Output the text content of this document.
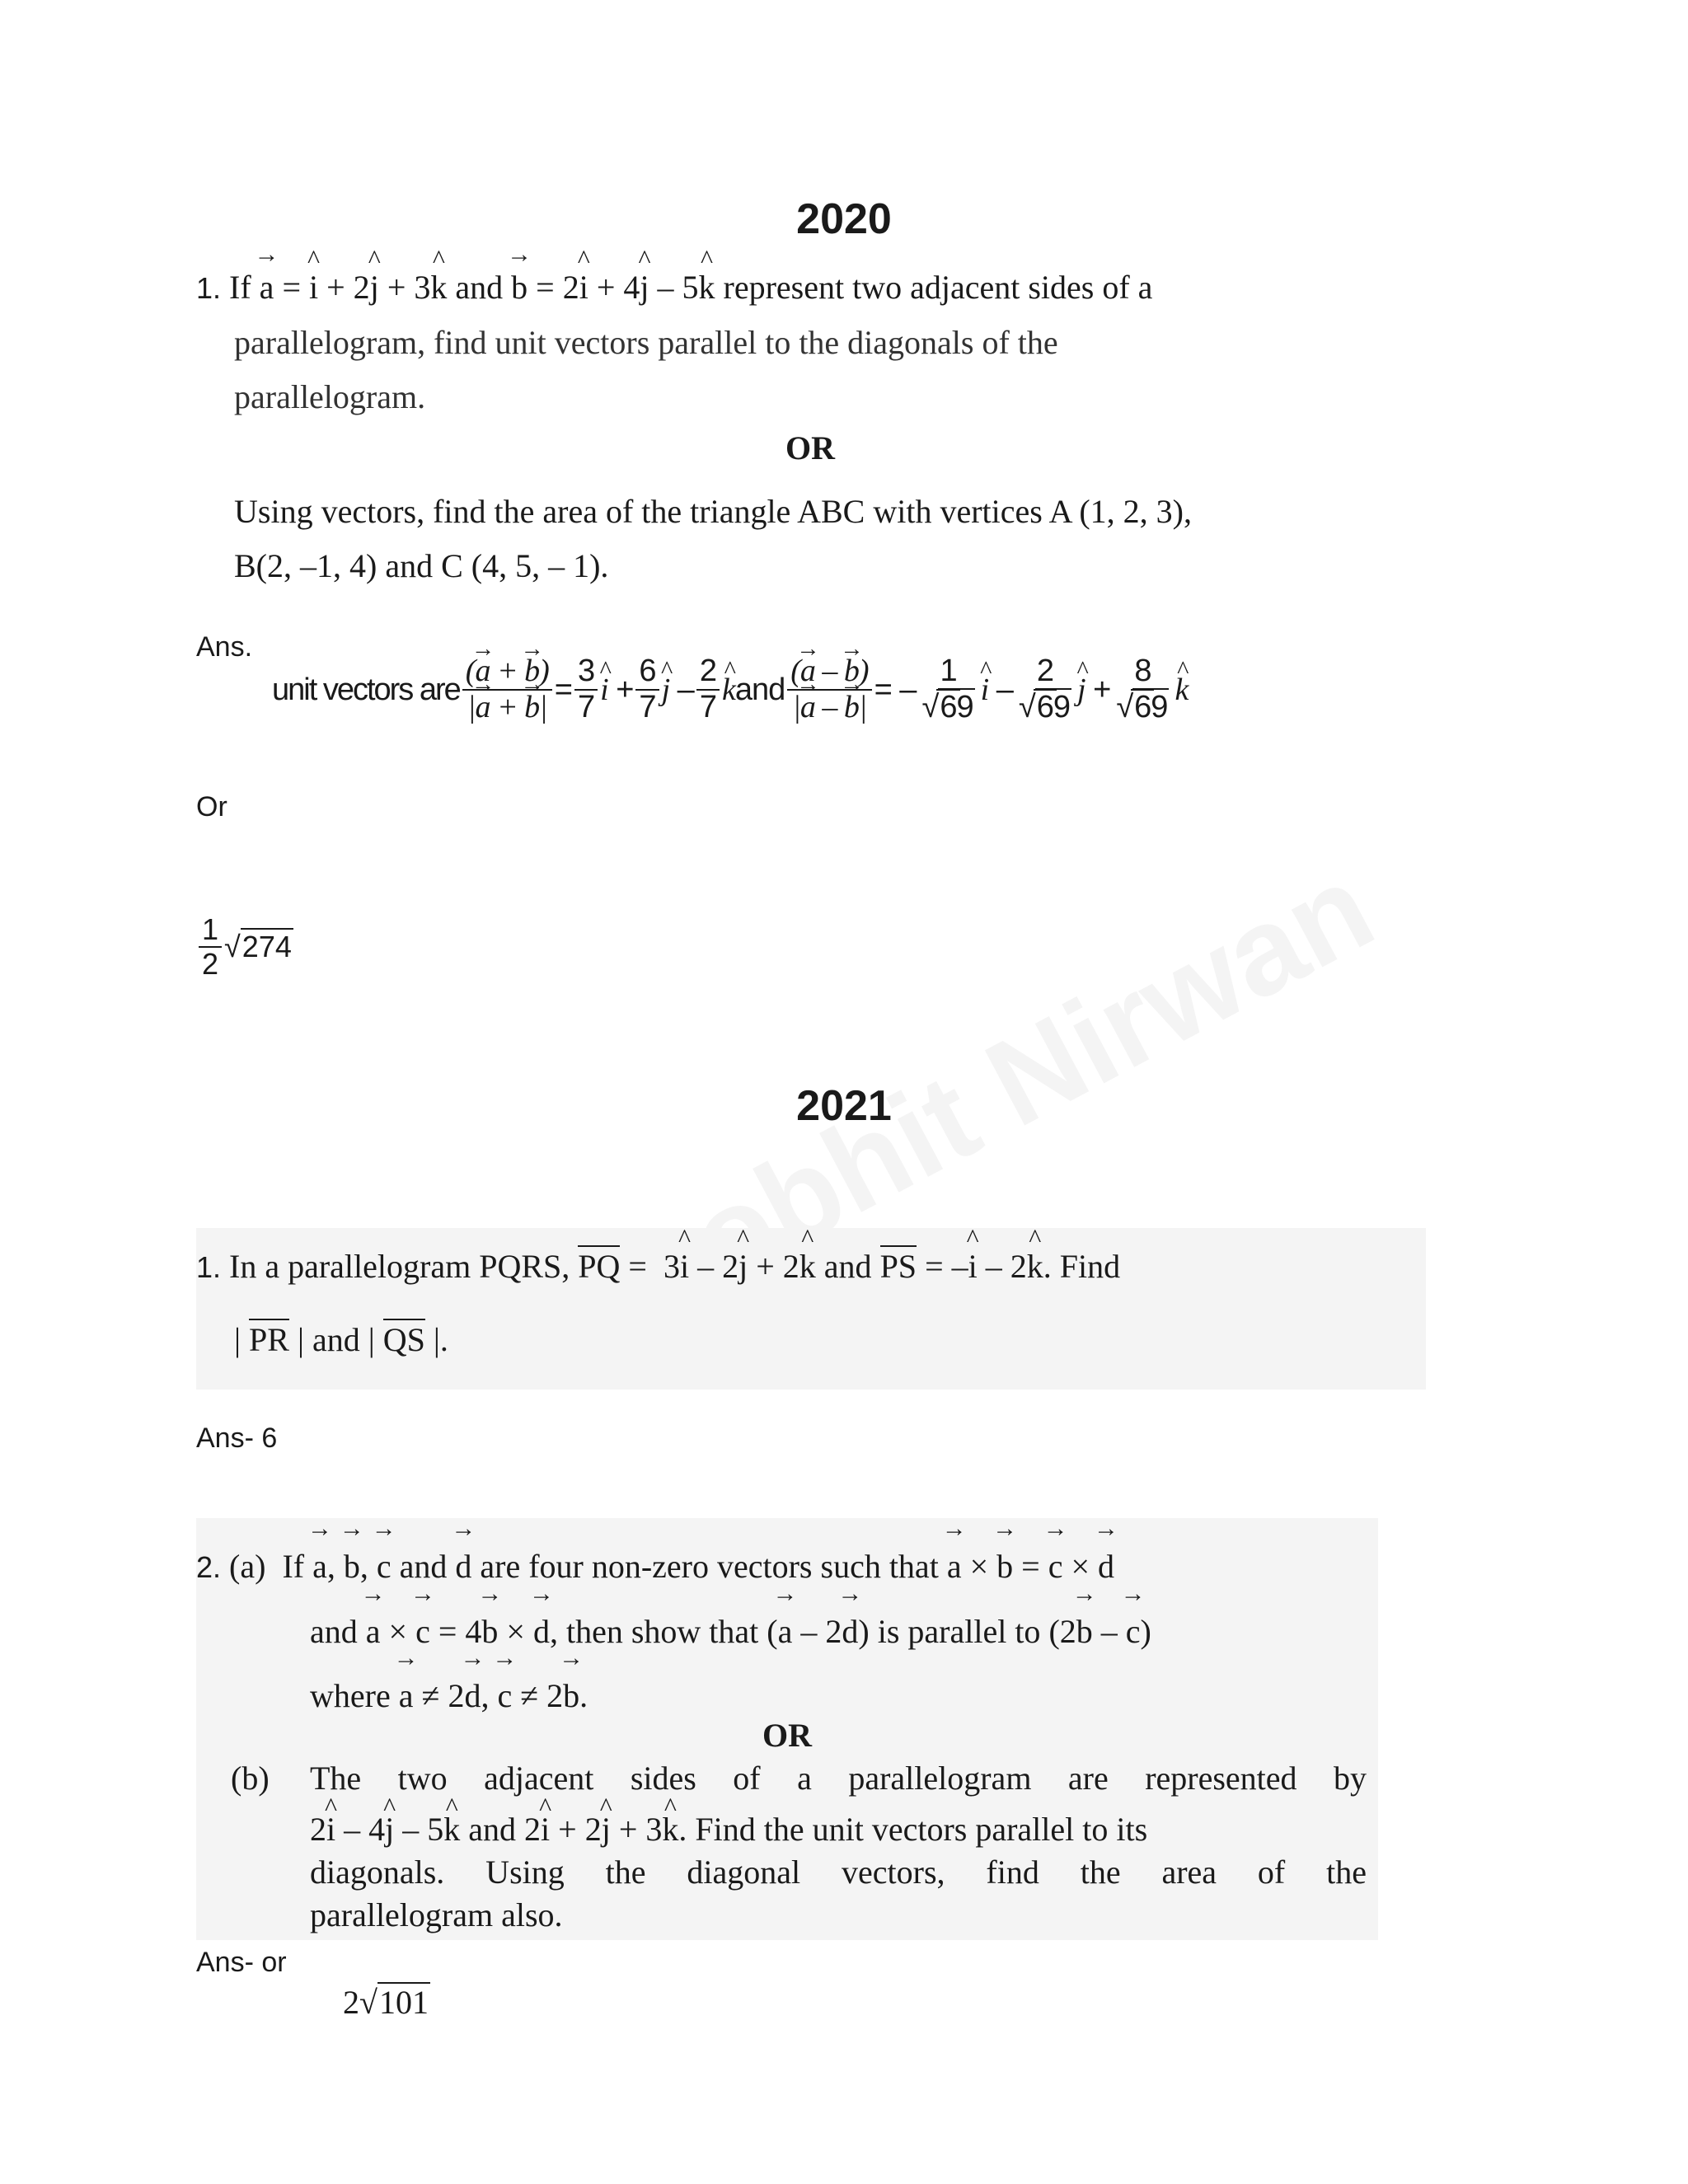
2020
1. If → a = ^ i + 2^ j + 3^ k and → b = 2^ i + 4^ j – 5^ k represent two adjacent sides of a
parallelogram, find unit vectors parallel to the diagonals of the
parallelogram.
OR
Using vectors, find the area of the triangle ABC with vertices A (1, 2, 3),
B(2, –1, 4) and C (4, 5, – 1).
Ans.
unit vectors are $\frac{(\to a + \to b)}{|\to a + \to b|} = \frac{3}{7}$ ^ $i + \frac{6}{7}$ ^ j – $\frac{2}{7}$ ^ k and $\frac{(\to a - \to b)}{|\to a - \to b|}$ = – $\frac{1}{√69}$ ^ i – $\frac{2}{√69}$ ^ $j + \frac{8}{√69}$ ^ k
Or
$\frac{1}{2} √274$
2021
1. In a parallelogram PQRS, PQ =  3^ i – 2^ j + 2^ k and PS = –^ i – 2^ k. Find
| PR | and | QS |.
Ans- 6
2. (a) If → a, → b, → c and → d are four non-zero vectors such that → a × → b = → c × → d
and → a × → c = 4→ b × → d, then show that (→ a – 2→ d) is parallel to (2→ b – → c)
where → a ≠ 2→ d, → c ≠ 2→ b.
OR
(b)	The two adjacent sides of a parallelogram are represented by
2^ i – 4^ j – 5^ k and 2^ i + 2^ j + 3^ k. Find the unit vectors parallel to its
diagonals. Using the diagonal vectors, find the area of the
parallelogram also.
Ans- or
2√101
